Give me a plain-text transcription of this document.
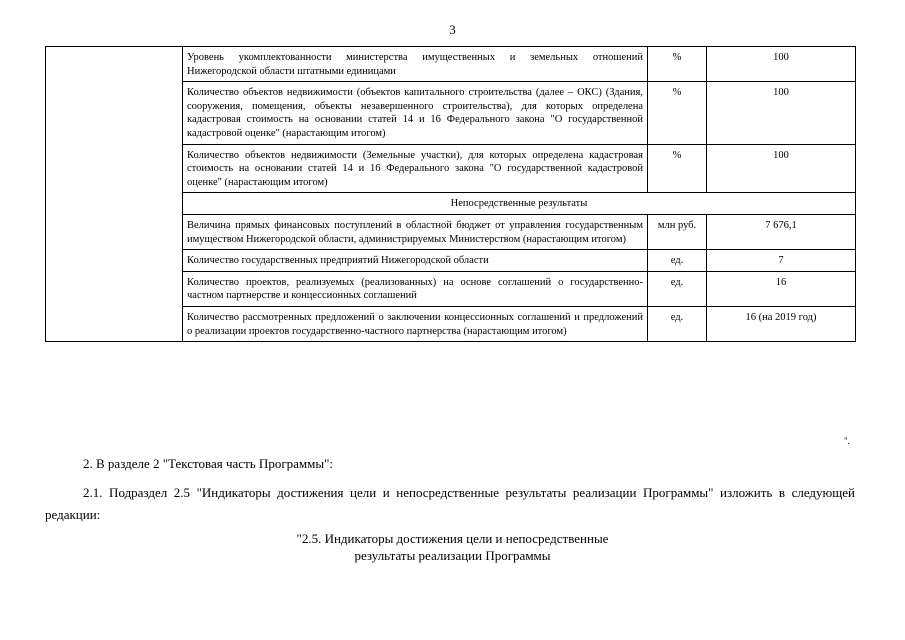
3
	Уровень укомплектованности министерства имущественных и земельных отношений Нижегородской области штатными единицами	%	100
	Количество объектов недвижимости (объектов капитального строительства (далее – ОКС) (Здания, сооружения, помещения, объекты незавершенного строительства), для которых определена кадастровая стоимость на основании статей 14 и 16 Федерального закона "О государственной кадастровой оценке" (нарастающим итогом)	%	100
	Количество объектов недвижимости (Земельные участки), для которых определена кадастровая стоимость на основании статей 14 и 16 Федерального закона "О государственной кадастровой оценке" (нарастающим итогом)	%	100
	Непосредственные результаты		
	Величина прямых финансовых поступлений в областной бюджет от управления государственным имуществом Нижегородской области, администрируемых Министерством (нарастающим итогом)	млн руб.	7 676,1
	Количество государственных предприятий Нижегородской области	ед.	7
	Количество проектов, реализуемых (реализованных) на основе соглашений о государственно-частном партнерстве и концессионных соглашений	ед.	16
	Количество рассмотренных предложений о заключении концессионных соглашений и предложений о реализации проектов государственно-частного партнерства (нарастающим итогом)	ед.	16 (на 2019 год)
".

2. В разделе 2 "Текстовая часть Программы":

2.1. Подраздел 2.5 "Индикаторы достижения цели и непосредственные результаты реализации Программы" изложить в следующей редакции:

"2.5. Индикаторы достижения цели и непосредственные
результаты реализации Программы
